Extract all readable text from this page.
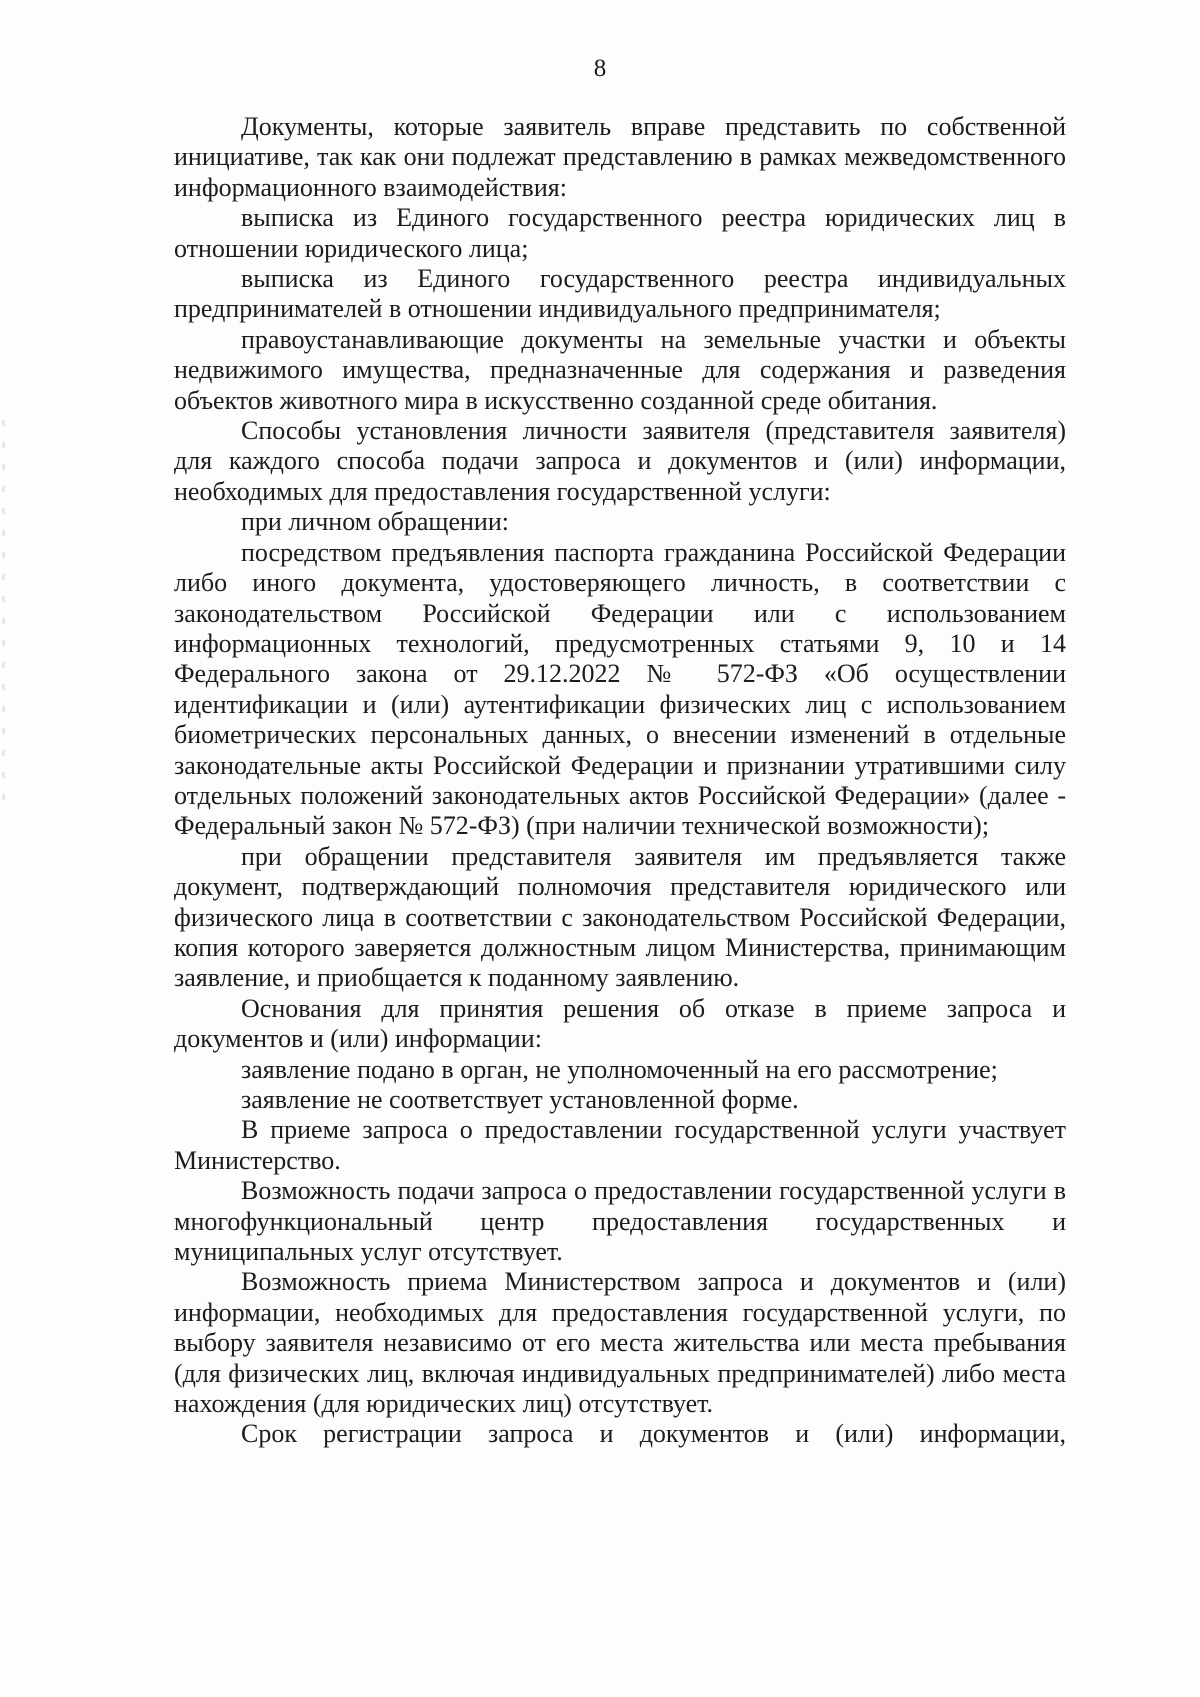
8

Документы, которые заявитель вправе представить по собственной инициативе, так как они подлежат представлению в рамках межведомственного информационного взаимодействия:

выписка из Единого государственного реестра юридических лиц в отношении юридического лица;

выписка из Единого государственного реестра индивидуальных предпринимателей в отношении индивидуального предпринимателя;

правоустанавливающие документы на земельные участки и объекты недвижимого имущества, предназначенные для содержания и разведения объектов животного мира в искусственно созданной среде обитания.

Способы установления личности заявителя (представителя заявителя) для каждого способа подачи запроса и документов и (или) информации, необходимых для предоставления государственной услуги:

при личном обращении:

посредством предъявления паспорта гражданина Российской Федерации либо иного документа, удостоверяющего личность, в соответствии с законодательством Российской Федерации или с использованием информационных технологий, предусмотренных статьями 9, 10 и 14 Федерального закона от 29.12.2022 № 572-ФЗ «Об осуществлении идентификации и (или) аутентификации физических лиц с использованием биометрических персональных данных, о внесении изменений в отдельные законодательные акты Российской Федерации и признании утратившими силу отдельных положений законодательных актов Российской Федерации» (далее - Федеральный закон № 572-ФЗ) (при наличии технической возможности);

при обращении представителя заявителя им предъявляется также документ, подтверждающий полномочия представителя юридического или физического лица в соответствии с законодательством Российской Федерации, копия которого заверяется должностным лицом Министерства, принимающим заявление, и приобщается к поданному заявлению.

Основания для принятия решения об отказе в приеме запроса и документов и (или) информации:

заявление подано в орган, не уполномоченный на его рассмотрение;

заявление не соответствует установленной форме.

В приеме запроса о предоставлении государственной услуги участвует Министерство.

Возможность подачи запроса о предоставлении государственной услуги в многофункциональный центр предоставления государственных и муниципальных услуг отсутствует.

Возможность приема Министерством запроса и документов и (или) информации, необходимых для предоставления государственной услуги, по выбору заявителя независимо от его места жительства или места пребывания (для физических лиц, включая индивидуальных предпринимателей) либо места нахождения (для юридических лиц) отсутствует.

Срок регистрации запроса и документов и (или) информации,
